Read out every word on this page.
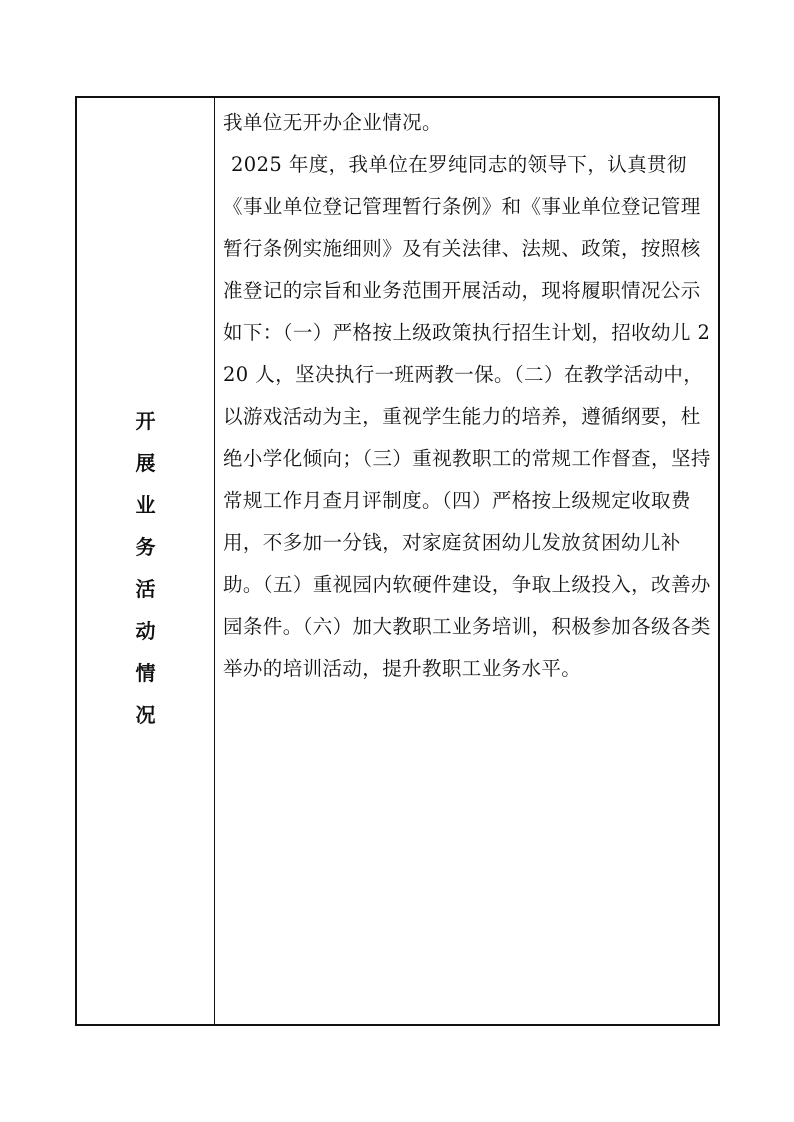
开
展
业
务
活
动
情
况

我单位无开办企业情况。

2025 年度，我单位在罗纯同志的领导下，认真贯彻《事业单位登记管理暂行条例》和《事业单位登记管理暂行条例实施细则》及有关法律、法规、政策，按照核准登记的宗旨和业务范围开展活动，现将履职情况公示如下：（一）严格按上级政策执行招生计划，招收幼儿 220 人，坚决执行一班两教一保。（二）在教学活动中，以游戏活动为主，重视学生能力的培养，遵循纲要，杜绝小学化倾向；（三）重视教职工的常规工作督查，坚持常规工作月查月评制度。（四）严格按上级规定收取费用，不多加一分钱，对家庭贫困幼儿发放贫困幼儿补助。（五）重视园内软硬件建设，争取上级投入，改善办园条件。（六）加大教职工业务培训，积极参加各级各类举办的培训活动，提升教职工业务水平。
